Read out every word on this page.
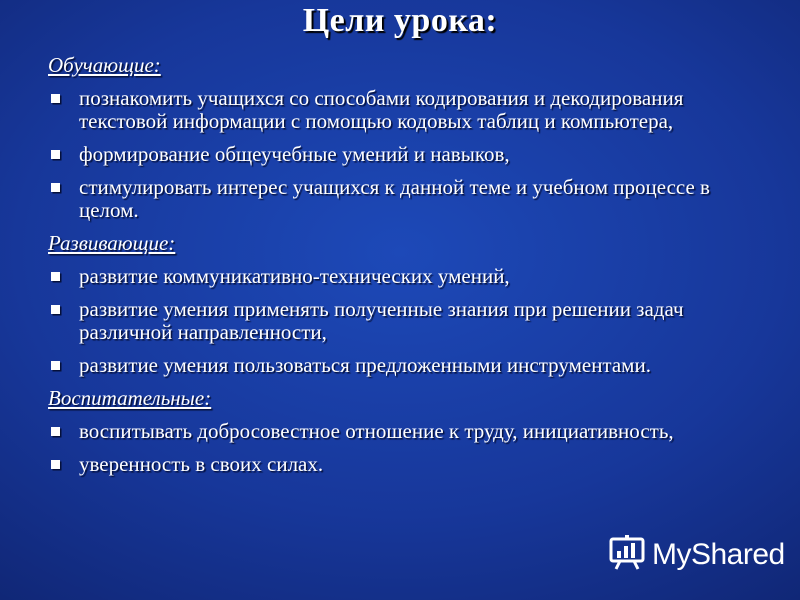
Цели урока:
Обучающие:
познакомить учащихся со способами кодирования и декодирования текстовой информации с помощью кодовых таблиц и компьютера,
формирование общеучебные умений и навыков,
стимулировать интерес учащихся к данной теме и учебном процессе в целом.
Развивающие:
развитие коммуникативно-технических умений,
развитие умения применять полученные знания при решении задач различной направленности,
развитие умения пользоваться предложенными инструментами.
Воспитательные:
воспитывать добросовестное отношение к труду, инициативность,
уверенность в своих силах.
MyShared
